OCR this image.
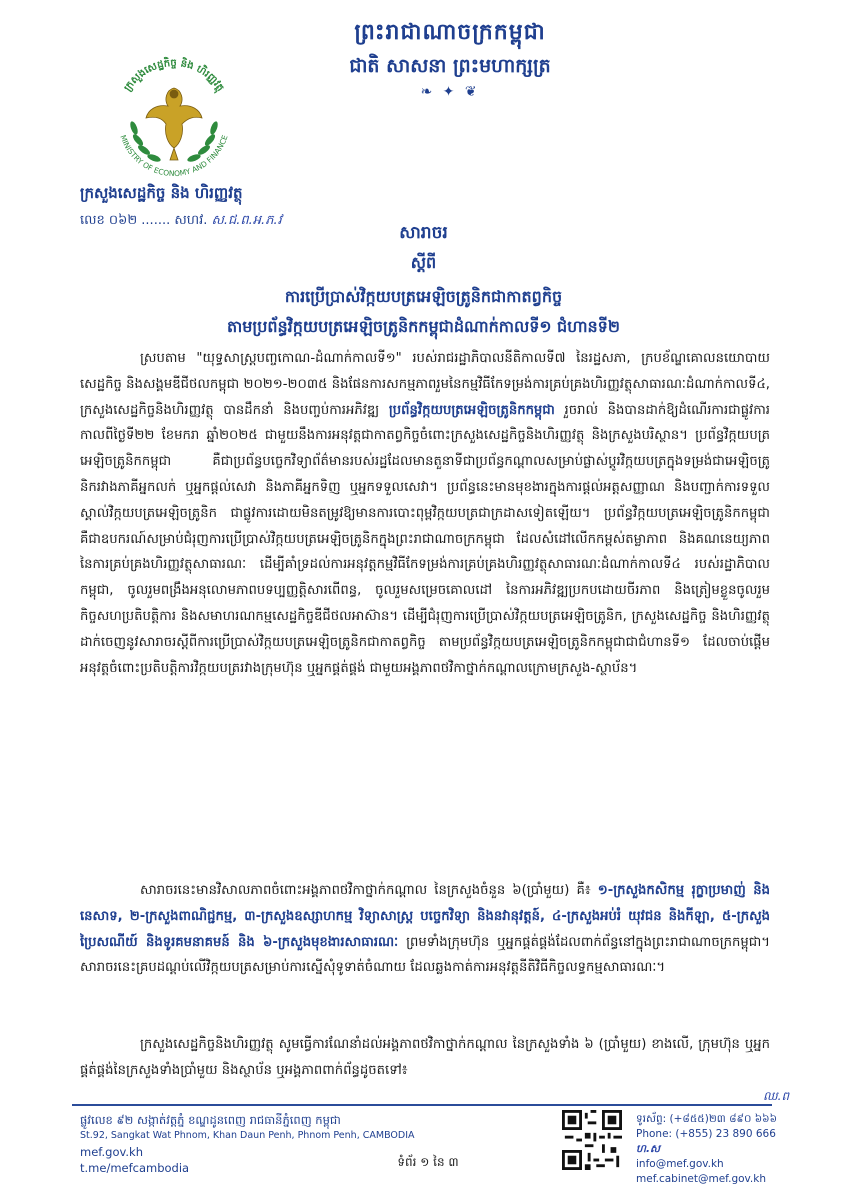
ព្រះរាជាណាចក្រកម្ពុជា
ជាតិ សាសនា ព្រះមហាក្សត្រ
❧ ✦ ❦
ក្រសួងសេដ្ឋកិច្ច និង ហិរញ្ញវត្ថុ
MINISTRY OF ECONOMY AND FINANCE
ក្រសួងសេដ្ឋកិច្ច និង ហិរញ្ញវត្ថុ
លេខ ០៦២ ....... សហវ. ស.ជ.ព.អ.ភ.វ
សារាចរ
ស្តីពី
ការប្រើប្រាស់វិក្កយបត្រអេឡិចត្រូនិកជាកាតព្វកិច្ច
តាមប្រព័ន្ធវិក្កយបត្រអេឡិចត្រូនិកកម្ពុជាដំណាក់កាលទី១ ជំហានទី២

ស្របតាម "យុទ្ធសាស្ត្របញ្ចកោណ-ដំណាក់កាលទី១" របស់រាជរដ្ឋាភិបាលនីតិកាលទី៧ នៃរដ្ឋសភា, ក្របខ័ណ្ឌគោលនយោបាយសេដ្ឋកិច្ច និងសង្គមឌីជីថលកម្ពុជា ២០២១-២០៣៥ និងផែនការសកម្មភាពរួមនៃកម្មវិធីកែទម្រង់ការគ្រប់គ្រងហិរញ្ញវត្ថុសាធារណៈដំណាក់កាលទី៤, ក្រសួងសេដ្ឋកិច្ចនិងហិរញ្ញវត្ថុ បានដឹកនាំ និងបញ្ចប់ការអភិវឌ្ឍ ប្រព័ន្ធវិក្កយបត្រអេឡិចត្រូនិកកម្ពុជា រួចរាល់ និងបានដាក់ឱ្យដំណើរការជាផ្លូវការកាលពីថ្ងៃទី២២ ខែមករា ឆ្នាំ២០២៥ ជាមួយនឹងការអនុវត្តជាកាតព្វកិច្ចចំពោះក្រសួងសេដ្ឋកិច្ចនិងហិរញ្ញវត្ថុ និងក្រសួងបរិស្ថាន។ ប្រព័ន្ធវិក្កយបត្រអេឡិចត្រូនិកកម្ពុជា គឺជាប្រព័ន្ធបច្ចេកវិទ្យាព័ត៌មានរបស់រដ្ឋដែលមានតួនាទីជាប្រព័ន្ធកណ្តាលសម្រាប់ផ្លាស់ប្តូរវិក្កយបត្រក្នុងទម្រង់ជាអេឡិចត្រូនិករវាងភាគីអ្នកលក់ ឬអ្នកផ្តល់សេវា និងភាគីអ្នកទិញ ឬអ្នកទទួលសេវា។ ប្រព័ន្ធនេះមានមុខងារក្នុងការផ្តល់អត្តសញ្ញាណ និងបញ្ជាក់ការទទួលស្គាល់វិក្កយបត្រអេឡិចត្រូនិក ជាផ្លូវការដោយមិនតម្រូវឱ្យមានការបោះពុម្ពវិក្កយបត្រជាក្រដាសទៀតឡើយ។ ប្រព័ន្ធវិក្កយបត្រអេឡិចត្រូនិកកម្ពុជា គឺជាឧបករណ៍សម្រាប់ជំរុញការប្រើប្រាស់វិក្កយបត្រអេឡិចត្រូនិកក្នុងព្រះរាជាណាចក្រកម្ពុជា ដែលសំដៅលើកកម្ពស់តម្លាភាព និងគណនេយ្យភាព នៃការគ្រប់គ្រងហិរញ្ញវត្ថុសាធារណៈ ដើម្បីគាំទ្រដល់ការអនុវត្តកម្មវិធីកែទម្រង់ការគ្រប់គ្រងហិរញ្ញវត្ថុសាធារណៈដំណាក់កាលទី៤ របស់រដ្ឋាភិបាលកម្ពុជា, ចូលរួមពង្រឹងអនុលោមភាពបទប្បញ្ញត្តិសារពើពន្ធ, ចូលរួមសម្រេចគោលដៅ នៃការអភិវឌ្ឍប្រកបដោយចីរភាព និងត្រៀមខ្លួនចូលរួមកិច្ចសហប្រតិបត្តិការ និងសមាហរណកម្មសេដ្ឋកិច្ចឌីជីថលអាស៊ាន។ ដើម្បីជំរុញការប្រើប្រាស់វិក្កយបត្រអេឡិចត្រូនិក, ក្រសួងសេដ្ឋកិច្ច និងហិរញ្ញវត្ថុ ដាក់ចេញនូវសារាចរស្តីពីការប្រើប្រាស់វិក្កយបត្រអេឡិចត្រូនិកជាកាតព្វកិច្ច តាមប្រព័ន្ធវិក្កយបត្រអេឡិចត្រូនិកកម្ពុជាជាជំហានទី១ ដែលចាប់ផ្តើមអនុវត្តចំពោះប្រតិបត្តិការវិក្កយបត្ររវាងក្រុមហ៊ុន ឬអ្នកផ្គត់ផ្គង់ ជាមួយអង្គភាពថវិកាថ្នាក់កណ្តាលក្រោមក្រសួង-ស្ថាប័ន។

សារាចរនេះមានវិសាលភាពចំពោះអង្គភាពថវិកាថ្នាក់កណ្តាល នៃក្រសួងចំនួន ៦(ប្រាំមួយ) គឺ៖ ១-ក្រសួងកសិកម្ម រុក្ខាប្រមាញ់ និងនេសាទ, ២-ក្រសួងពាណិជ្ជកម្ម, ៣-ក្រសួងឧស្សាហកម្ម វិទ្យាសាស្ត្រ បច្ចេកវិទ្យា និងនវានុវត្តន៍, ៤-ក្រសួងអប់រំ យុវជន និងកីឡា, ៥-ក្រសួងប្រៃសណីយ៍ និងទូរគមនាគមន៍ និង ៦-ក្រសួងមុខងារសាធារណៈ ព្រមទាំងក្រុមហ៊ុន ឬអ្នកផ្គត់ផ្គង់ដែលពាក់ព័ន្ធនៅក្នុងព្រះរាជាណាចក្រកម្ពុជា។ សារាចរនេះគ្របដណ្តប់លើវិក្កយបត្រសម្រាប់ការស្នើសុំទូទាត់ចំណាយ ដែលឆ្លងកាត់ការអនុវត្តនីតិវិធីកិច្ចលទ្ធកម្មសាធារណៈ។

ក្រសួងសេដ្ឋកិច្ចនិងហិរញ្ញវត្ថុ សូមធ្វើការណែនាំដល់អង្គភាពថវិកាថ្នាក់កណ្តាល នៃក្រសួងទាំង ៦ (ប្រាំមួយ) ខាងលើ, ក្រុមហ៊ុន ឬអ្នកផ្គត់ផ្គង់នៃក្រសួងទាំងប្រាំមួយ និងស្ថាប័ន ឬអង្គភាពពាក់ព័ន្ធដូចតទៅ៖

ឈ.ព
ផ្លូវលេខ ៩២ សង្កាត់វត្តភ្នំ ខណ្ឌដូនពេញ រាជធានីភ្នំពេញ កម្ពុជា
St.92, Sangkat Wat Phnom, Khan Daun Penh, Phnom Penh, CAMBODIA
mef.gov.kh
t.me/mefcambodia	ទំព័រ ១ នៃ ៣
ទូរស័ព្ទ: (+៨៥៥)២៣ ៨៩០ ៦៦៦
Phone: (+855) 23 890 666 ហ.ស
info@mef.gov.kh
mef.cabinet@mef.gov.kh
